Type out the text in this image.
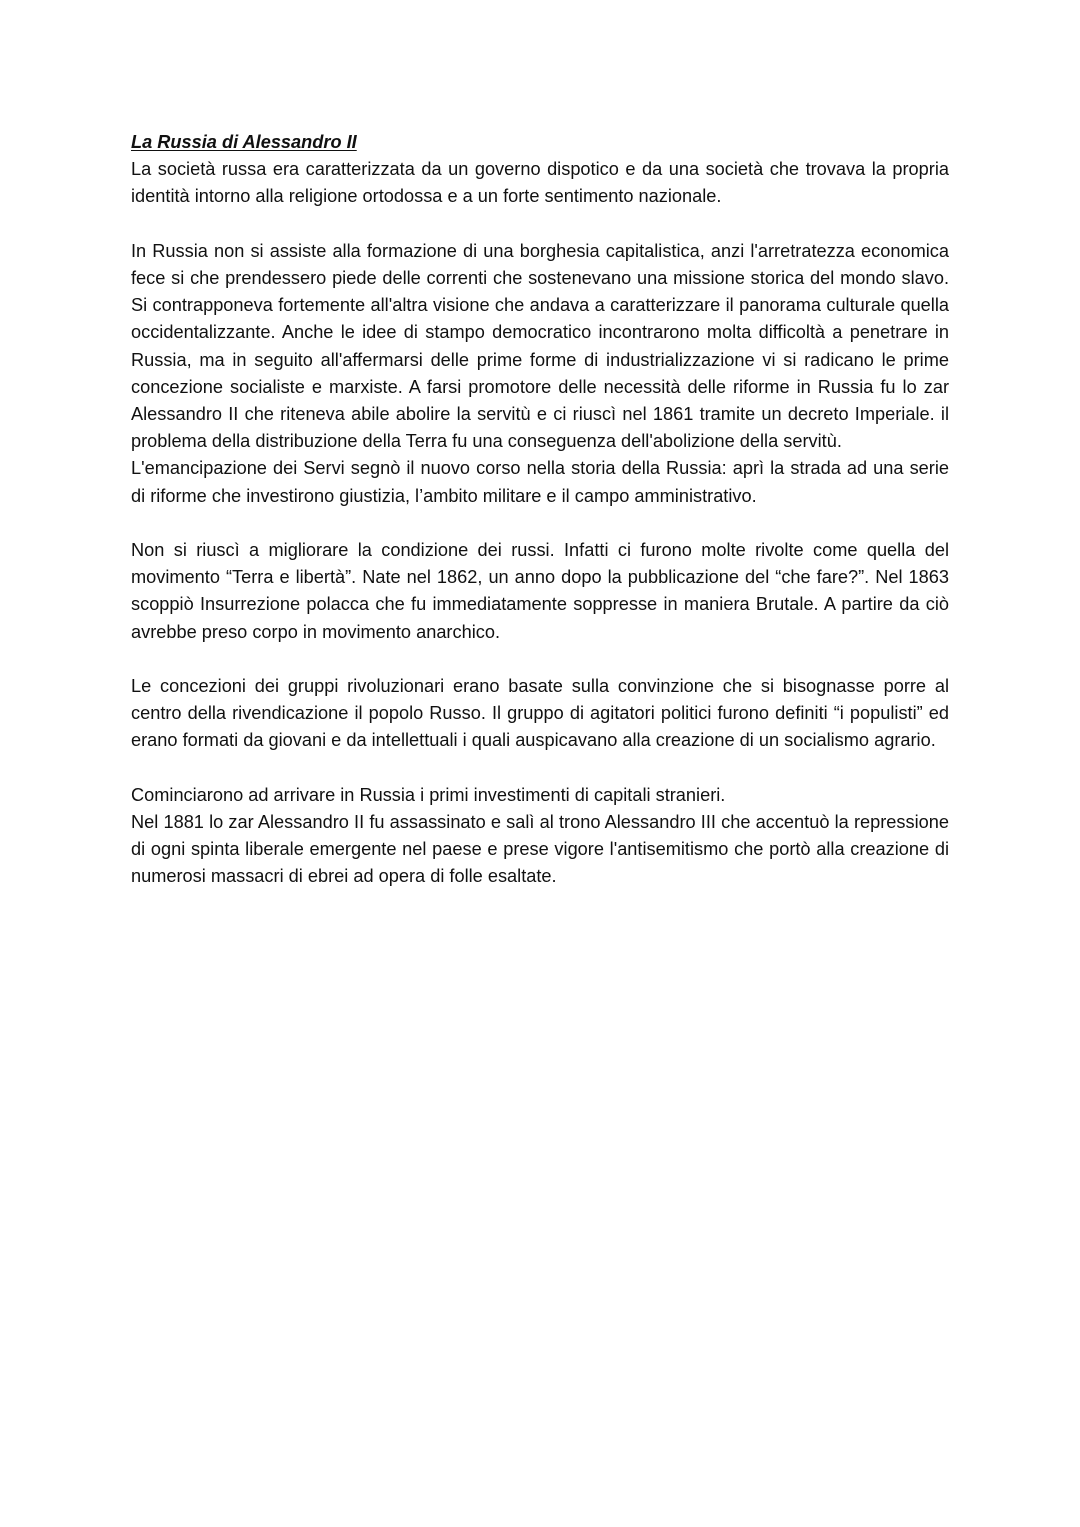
La Russia di Alessandro II

La società russa era caratterizzata da un governo dispotico e da una società che trovava la propria identità intorno alla religione ortodossa e a un forte sentimento nazionale.

In Russia non si assiste alla formazione di una borghesia capitalistica, anzi l'arretratezza economica fece si che prendessero piede delle correnti che sostenevano una missione storica del mondo slavo. Si contrapponeva fortemente all'altra visione che andava a caratterizzare il panorama culturale quella occidentalizzante. Anche le idee di stampo democratico incontrarono molta difficoltà a penetrare in Russia, ma in seguito all'affermarsi delle prime forme di industrializzazione vi si radicano le prime concezione socialiste e marxiste. A farsi promotore delle necessità delle riforme in Russia fu lo zar Alessandro II che riteneva abile abolire la servitù e ci riuscì nel 1861 tramite un decreto Imperiale. il problema della distribuzione della Terra fu una conseguenza dell'abolizione della servitù.

L'emancipazione dei Servi segnò il nuovo corso nella storia della Russia: aprì la strada ad una serie di riforme che investirono giustizia, l’ambito militare e il campo amministrativo.

Non si riuscì a migliorare la condizione dei russi. Infatti ci furono molte rivolte come quella del movimento “Terra e libertà”. Nate nel 1862, un anno dopo la pubblicazione del “che fare?”. Nel 1863 scoppiò Insurrezione polacca che fu immediatamente soppresse in maniera Brutale. A partire da ciò avrebbe preso corpo in movimento anarchico.

Le concezioni dei gruppi rivoluzionari erano basate sulla convinzione che si bisognasse porre al centro della rivendicazione il popolo Russo. Il gruppo di agitatori politici furono definiti “i populisti” ed erano formati da giovani e da intellettuali i quali auspicavano alla creazione di un socialismo agrario.

Cominciarono ad arrivare in Russia i primi investimenti di capitali stranieri.

Nel 1881 lo zar Alessandro II fu assassinato e salì al trono Alessandro III che accentuò la repressione di ogni spinta liberale emergente nel paese e prese vigore l'antisemitismo che portò alla creazione di numerosi massacri di ebrei ad opera di folle esaltate.
